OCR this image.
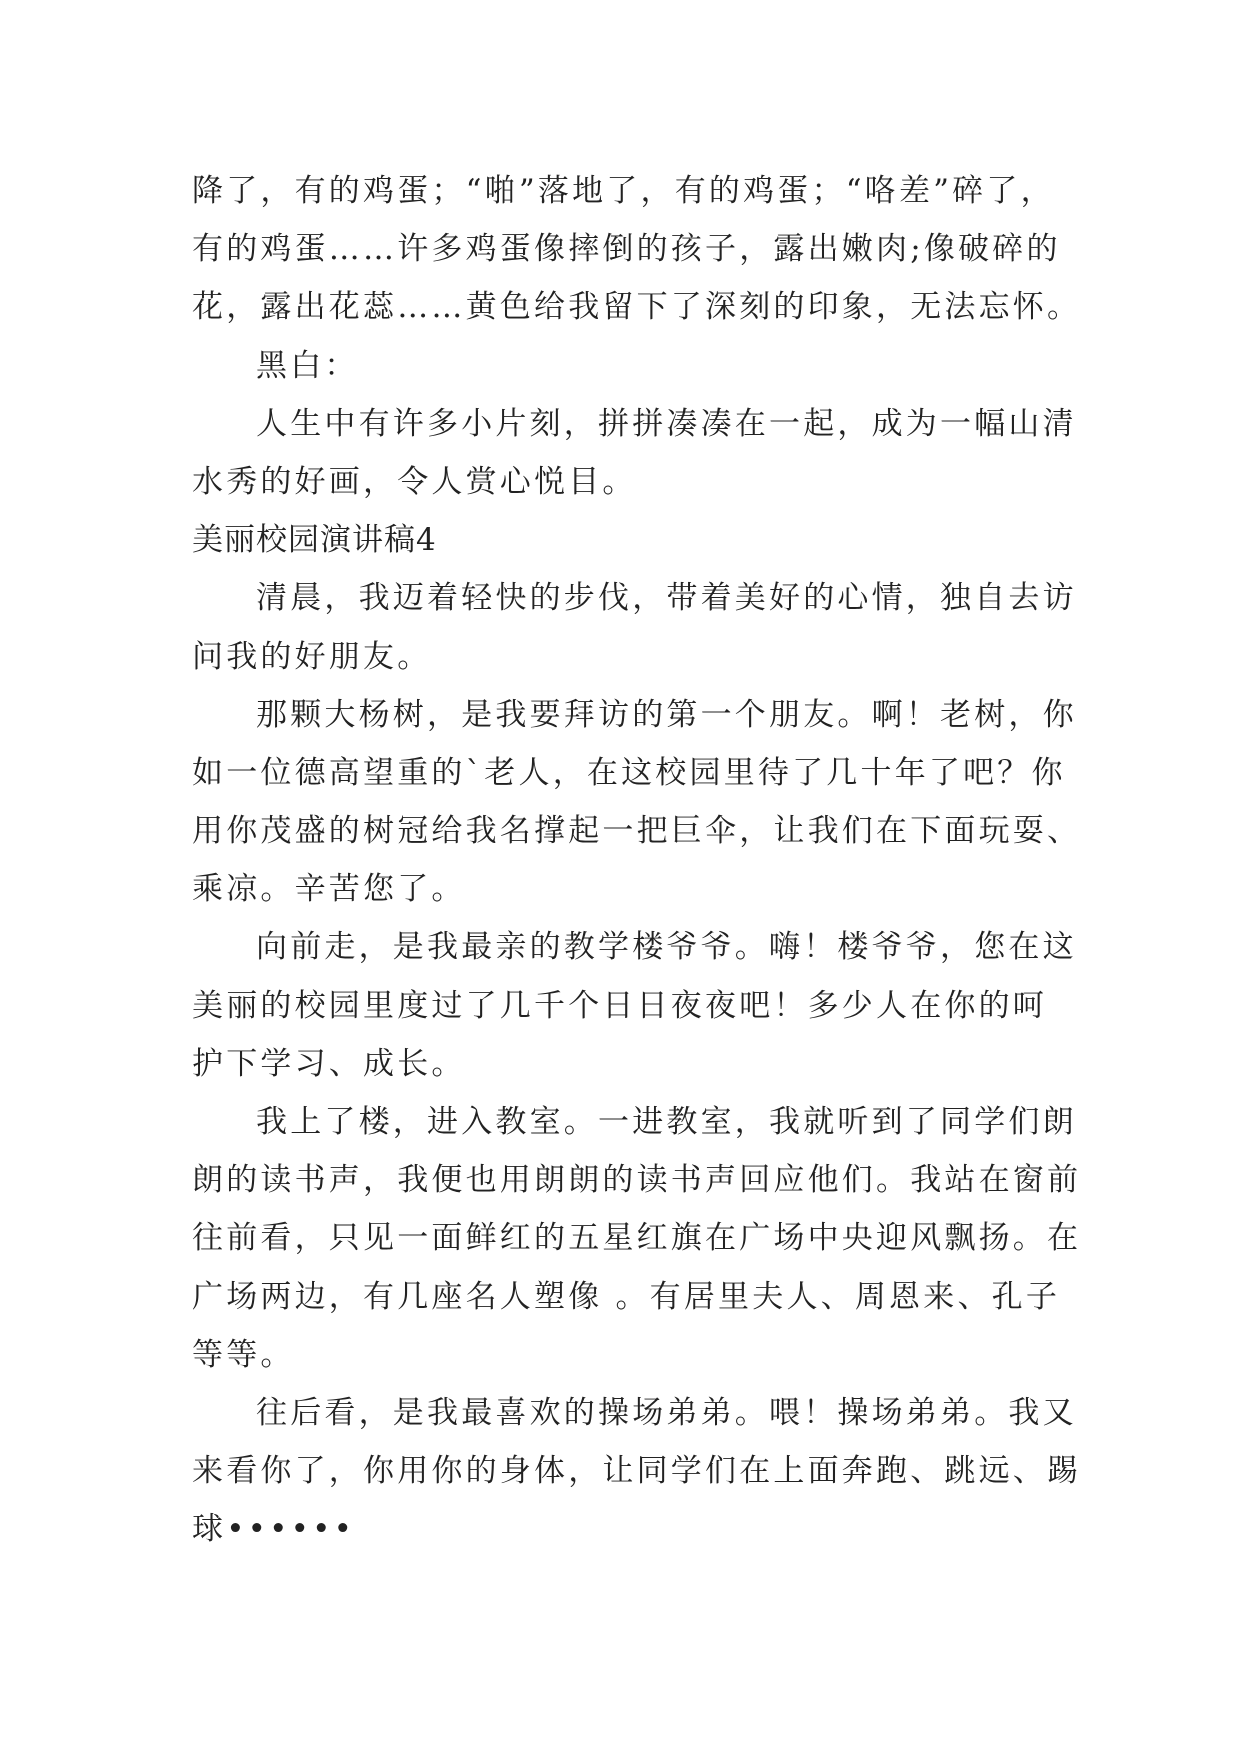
降了，有的鸡蛋；“啪”落地了，有的鸡蛋；“咯差”碎了，
有的鸡蛋……许多鸡蛋像摔倒的孩子，露出嫩肉;像破碎的
花，露出花蕊……黄色给我留下了深刻的印象，无法忘怀。
黑白：
人生中有许多小片刻，拼拼凑凑在一起，成为一幅山清
水秀的好画，令人赏心悦目。
美丽校园演讲稿4
清晨，我迈着轻快的步伐，带着美好的心情，独自去访
问我的好朋友。
那颗大杨树，是我要拜访的第一个朋友。啊！老树，你
如一位德高望重的`老人，在这校园里待了几十年了吧？你
用你茂盛的树冠给我名撑起一把巨伞，让我们在下面玩耍、
乘凉。辛苦您了。
向前走，是我最亲的教学楼爷爷。嗨！楼爷爷，您在这
美丽的校园里度过了几千个日日夜夜吧！多少人在你的呵
护下学习、成长。
我上了楼，进入教室。一进教室，我就听到了同学们朗
朗的读书声，我便也用朗朗的读书声回应他们。我站在窗前
往前看，只见一面鲜红的五星红旗在广场中央迎风飘扬。在
广场两边，有几座名人塑像 。有居里夫人、周恩来、孔子
等等。
往后看，是我最喜欢的操场弟弟。喂！操场弟弟。我又
来看你了，你用你的身体，让同学们在上面奔跑、跳远、踢
球••••••
